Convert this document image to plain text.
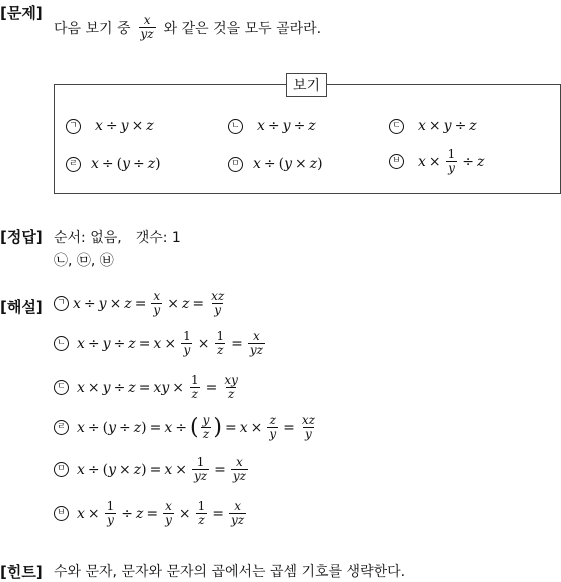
[문제]
다음 보기 중 $\frac{x}{yz}$ 와 같은 것을 모두 골라라.
보기
ㄱ x ÷ y × z	ㄴ x ÷ y ÷ z	ㄷ x × y ÷ z
ㄹ x ÷ ( y ÷ z )	ㅁ x ÷ ( y × z )	ㅂ $x \times \frac{1}{y} \div z$
[정답] 순서: 없음,　갯수: 1
㉡, ㉤, ㉥
[해설]	ㄱ $x \div y \times z = \frac{x}{y} \times z = \frac{xz}{y}$
ㄴ $x \div y \div z = x \times \frac{1}{y} \times \frac{1}{z} = \frac{x}{yz}$
ㄷ x × y ÷ z = xy × $\frac{1}{z} = \frac{xy}{z}$
ㄹ x ÷ ( y ÷ z ) = x ÷ ( $\frac{y}{z}$ ) = $x \times \frac{z}{y} = \frac{xz}{y}$
ㅁ x ÷ ( y × z ) = $x \times \frac{1}{yz} = \frac{x}{yz}$
ㅂ $x \times \frac{1}{y} \div z = \frac{x}{y} \times \frac{1}{z} = \frac{x}{yz}$
[힌트] 수와 문자, 문자와 문자의 곱에서는 곱셈 기호를 생략한다.
